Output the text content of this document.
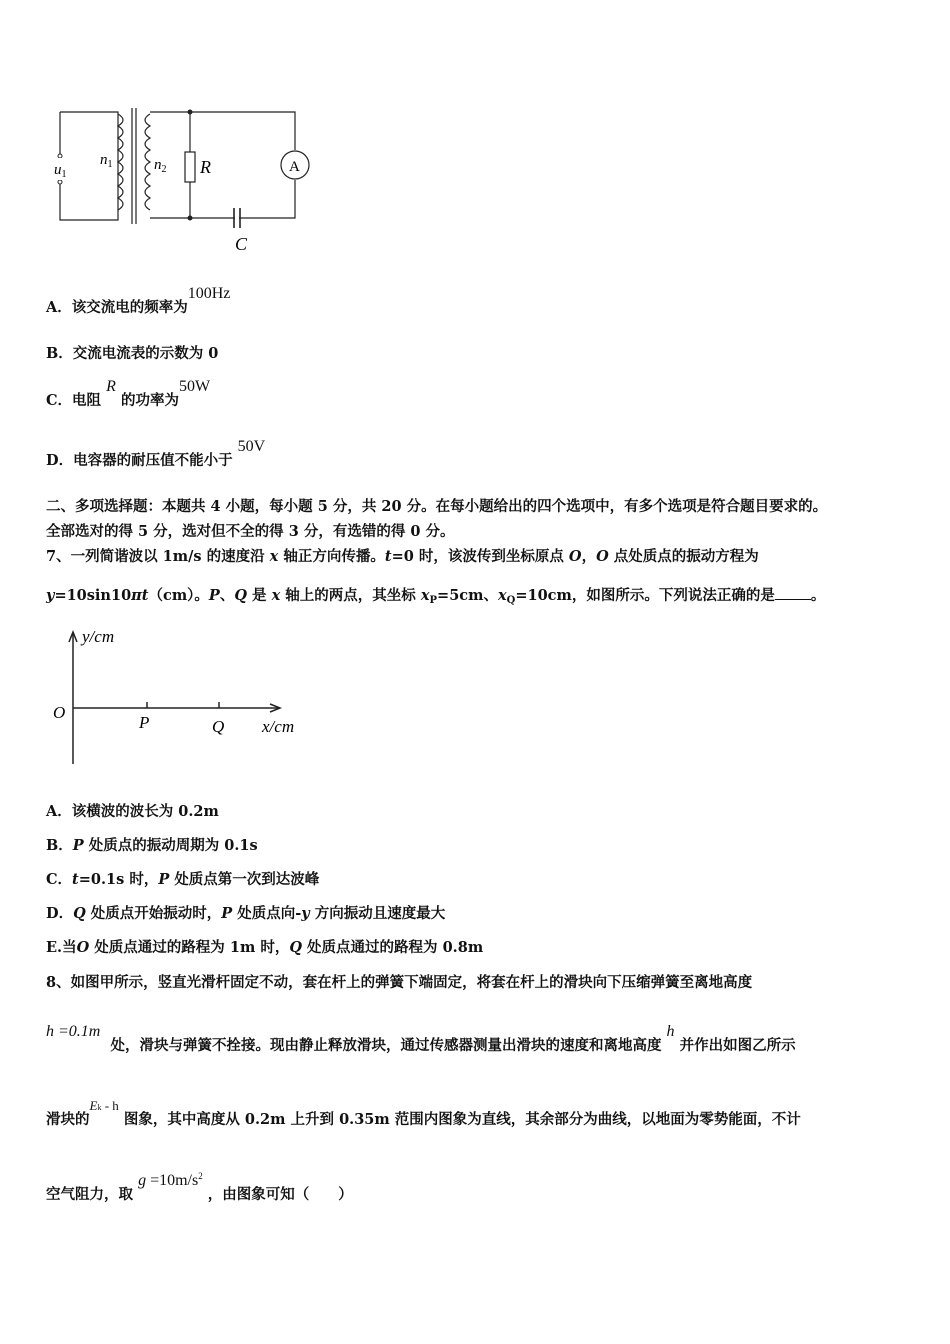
$u_1$
$n_1$	$n_2$ R	A
C
A．该交流电的频率为100Hz
B．交流电流表的示数为 0
C．电阻 R 的功率为50W
D．电容器的耐压值不能小于 50V
二、多项选择题：本题共 4 小题，每小题 5 分，共 20 分。在每小题给出的四个选项中，有多个选项是符合题目要求的。
全部选对的得 5 分，选对但不全的得 3 分，有选错的得 0 分。
7、一列简谐波以 1m/s 的速度沿 x 轴正方向传播。t=0 时，该波传到坐标原点 O，O 点处质点的振动方程为
y=10sin10πt（cm）。P、Q 是 x 轴上的两点，其坐标 $x_P=5cm$、$x_Q=10cm$，如图所示。下列说法正确的是 。
y/cm
O
P	Q x/cm
A．该横波的波长为 0.2m
B．P 处质点的振动周期为 0.1s
C．t=0.1s 时，P 处质点第一次到达波峰
D．Q 处质点开始振动时，P 处质点向-y 方向振动且速度最大
E.当O 处质点通过的路程为 1m 时，Q 处质点通过的路程为 0.8m
8、如图甲所示，竖直光滑杆固定不动，套在杆上的弹簧下端固定，将套在杆上的滑块向下压缩弹簧至离地高度
h =0.1m  处，滑块与弹簧不拴接。现由静止释放滑块，通过传感器测量出滑块的速度和离地高度 h 并作出如图乙所示
滑块的Ek - h 图象，其中高度从 0.2m 上升到 0.35m 范围内图象为直线，其余部分为曲线，以地面为零势能面，不计
空气阻力，取 $g =10m/s^2$ ，由图象可知（　　）
